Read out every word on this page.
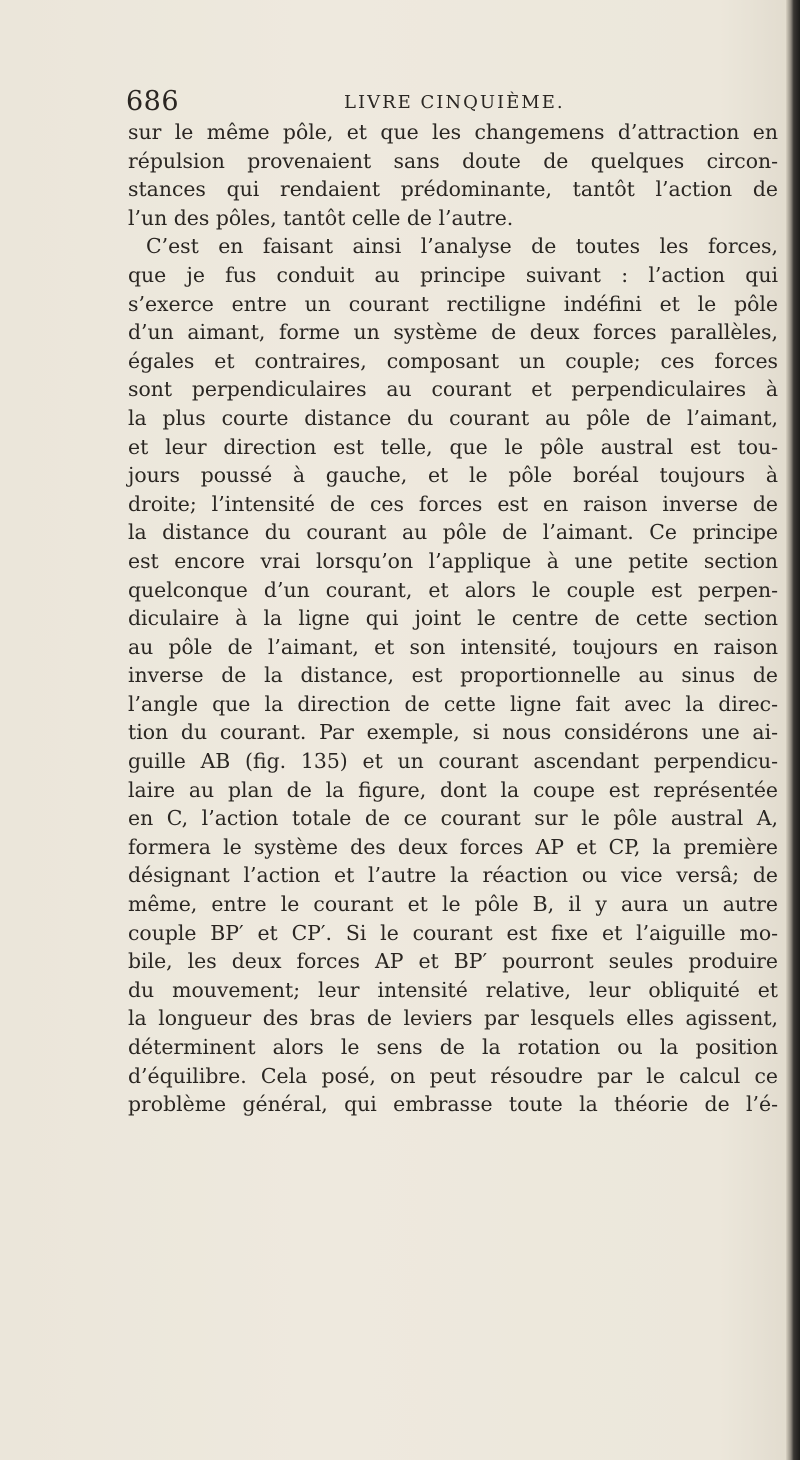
686	LIVRE CINQUIÈME.
sur le même pôle, et que les changemens d’attraction en
répulsion provenaient sans doute de quelques circon-
stances qui rendaient prédominante, tantôt l’action de
l’un des pôles, tantôt celle de l’autre.
C’est en faisant ainsi l’analyse de toutes les forces,
que je fus conduit au principe suivant : l’action qui
s’exerce entre un courant rectiligne indéfini et le pôle
d’un aimant, forme un système de deux forces parallèles,
égales et contraires, composant un couple; ces forces
sont perpendiculaires au courant et perpendiculaires à
la plus courte distance du courant au pôle de l’aimant,
et leur direction est telle, que le pôle austral est tou-
jours poussé à gauche, et le pôle boréal toujours à
droite; l’intensité de ces forces est en raison inverse de
la distance du courant au pôle de l’aimant. Ce principe
est encore vrai lorsqu’on l’applique à une petite section
quelconque d’un courant, et alors le couple est perpen-
diculaire à la ligne qui joint le centre de cette section
au pôle de l’aimant, et son intensité, toujours en raison
inverse de la distance, est proportionnelle au sinus de
l’angle que la direction de cette ligne fait avec la direc-
tion du courant. Par exemple, si nous considérons une ai-
guille AB (fig. 135) et un courant ascendant perpendicu-
laire au plan de la figure, dont la coupe est représentée
en C, l’action totale de ce courant sur le pôle austral A,
formera le système des deux forces AP et CP, la première
désignant l’action et l’autre la réaction ou vice versâ; de
même, entre le courant et le pôle B, il y aura un autre
couple BP′ et CP′. Si le courant est fixe et l’aiguille mo-
bile, les deux forces AP et BP′ pourront seules produire
du mouvement; leur intensité relative, leur obliquité et
la longueur des bras de leviers par lesquels elles agissent,
déterminent alors le sens de la rotation ou la position
d’équilibre. Cela posé, on peut résoudre par le calcul ce
problème général, qui embrasse toute la théorie de l’é-
